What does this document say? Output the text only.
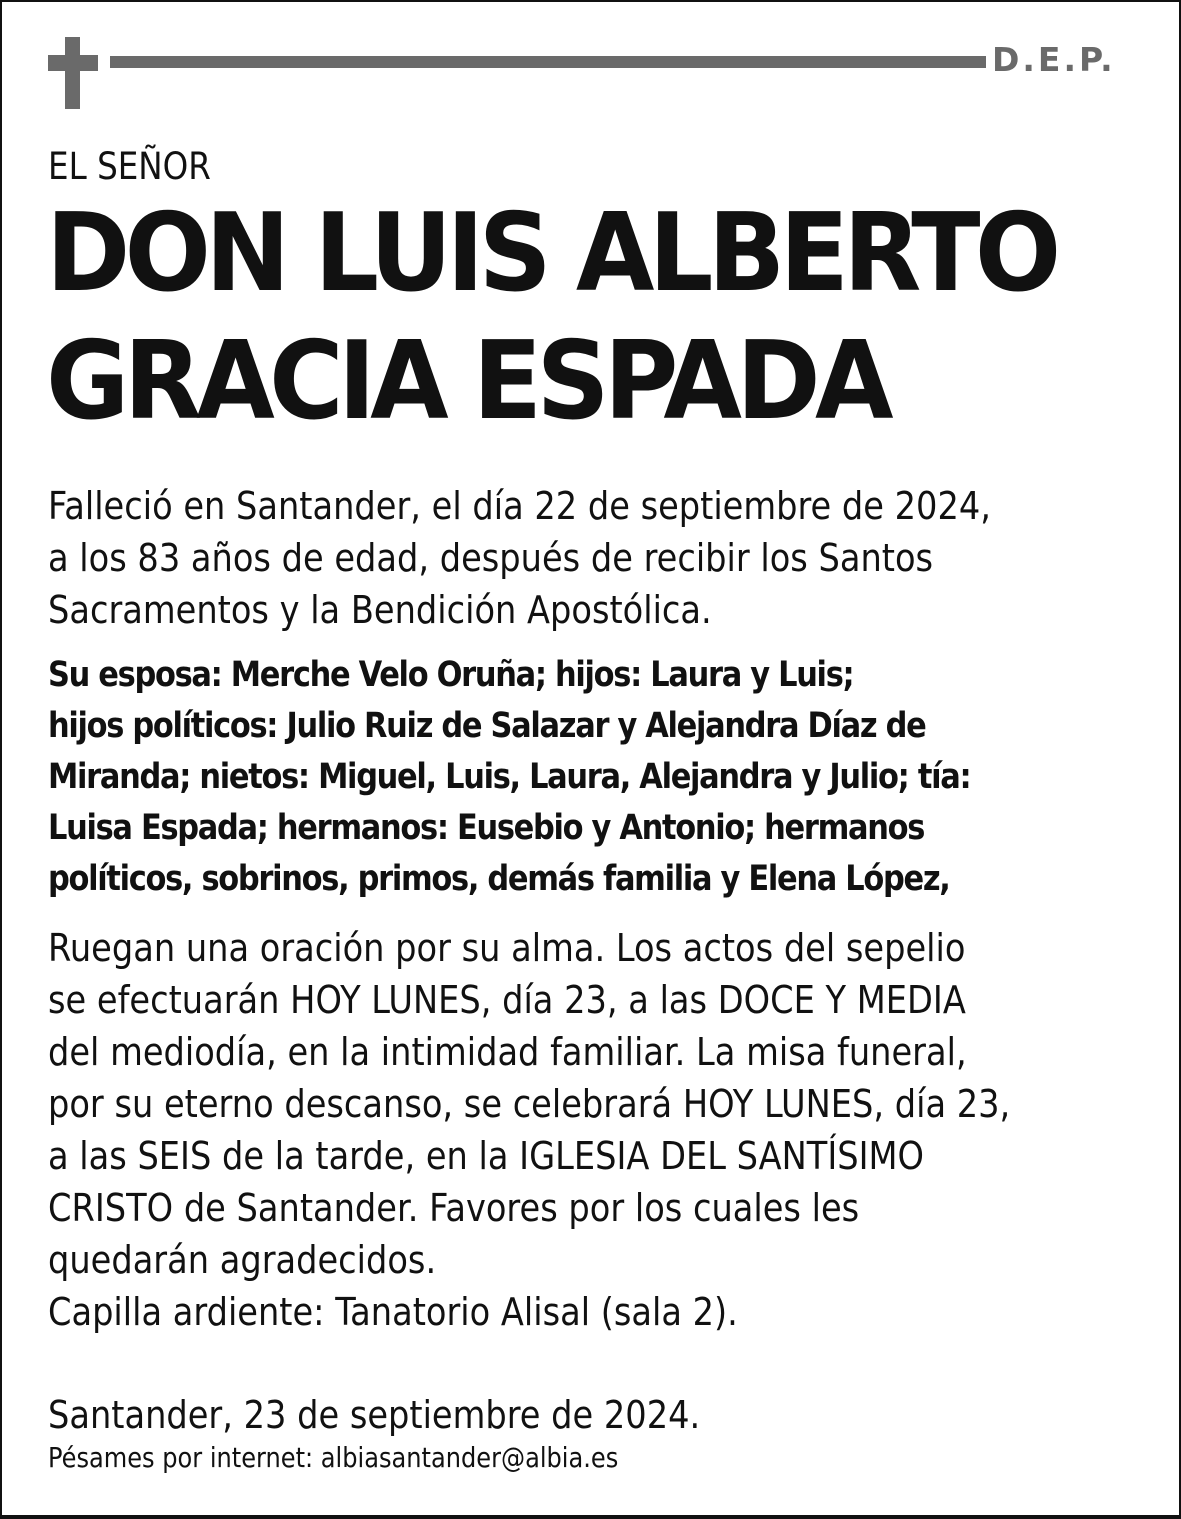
D.E.P.
EL SEÑOR
DON LUIS ALBERTO
GRACIA ESPADA
Falleció en Santander, el día 22 de septiembre de 2024,
a los 83 años de edad, después de recibir los Santos
Sacramentos y la Bendición Apostólica.
Su esposa: Merche Velo Oruña; hijos: Laura y Luis;
hijos políticos: Julio Ruiz de Salazar y Alejandra Díaz de
Miranda; nietos: Miguel, Luis, Laura, Alejandra y Julio; tía:
Luisa Espada; hermanos: Eusebio y Antonio; hermanos
políticos, sobrinos, primos, demás familia y Elena López,
Ruegan una oración por su alma. Los actos del sepelio
se efectuarán HOY LUNES, día 23, a las DOCE Y MEDIA
del mediodía, en la intimidad familiar. La misa funeral,
por su eterno descanso, se celebrará HOY LUNES, día 23,
a las SEIS de la tarde, en la IGLESIA DEL SANTÍSIMO
CRISTO de Santander. Favores por los cuales les
quedarán agradecidos.
Capilla ardiente: Tanatorio Alisal (sala 2).
Santander, 23 de septiembre de 2024.
Pésames por internet: albiasantander@albia.es
